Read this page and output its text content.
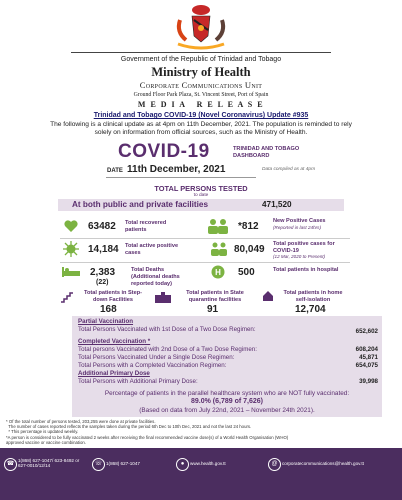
Government of the Republic of Trinidad and Tobago
Ministry of Health
Corporate Communications Unit
Ground Floor Park Plaza, St. Vincent Street, Port of Spain
M E D I A   R E L E A S E
Trinidad and Tobago COVID-19 (Novel Coronavirus) Update #935
The following is a clinical update as at 4pm on 11th December, 2021. The population is reminded to rely
solely on information from official sources, such as the Ministry of Health.
COVID-19	TRINIDAD AND TOBAGO
DASHBOARD
DATE 11th December, 2021	Data compiled as at 4pm
TOTAL PERSONS TESTED
to date
At both public and private facilities	471,520
63482 Total recovered patients	*812	New Positive Cases
(Reported in last 24hrs)
14,184 Total active positive cases	80,049 Total positive cases for COVID-19
(12 Mar, 2020 to Present)
2,383
(22)
Total Deaths
(Additional deaths reported today)
H 500	Total patients in hospital
Total patients in Step-down Facilities
168
Total patients in State quarantine facilities
91
Total patients in home self-isolation
12,704
Partial Vaccination
Total Persons Vaccinated with 1st Dose of a Two Dose Regimen:	652,602
Completed Vaccination *
Total persons Vaccinated with 2nd Dose of a Two Dose Regimen:	608,204
Total Persons Vaccinated Under a Single Dose Regimen:	45,871
Total Persons with a Completed Vaccination Regimen:	654,075
Additional Primary Dose
Total Persons with Additional Primary Dose:	39,998
Percentage of patients in the parallel healthcare system who are NOT fully vaccinated:
89.0% (6,789 of 7,626)
(Based on data from July 22nd, 2021 – November 24th 2021).
* Of the total number of persons tested, 203,255 were done at private facilities.
The number of cases reported reflects the samples taken during the period 6th Dec to 10th Dec, 2021 and not the last 24 hours.
* This percentage is updated weekly.
*A person is considered to be fully vaccinated 2 weeks after receiving the final recommended vaccine dose(s) of a World Health Organisation (WHO)
approved vaccine or vaccine combination.
☎
1(868) 627-1047/ 623-8492 or
627-0010/12/14	☏ 1(868) 627-1047	●	www.health.gov.tt	@ corporatecommunications@health.gov.tt
